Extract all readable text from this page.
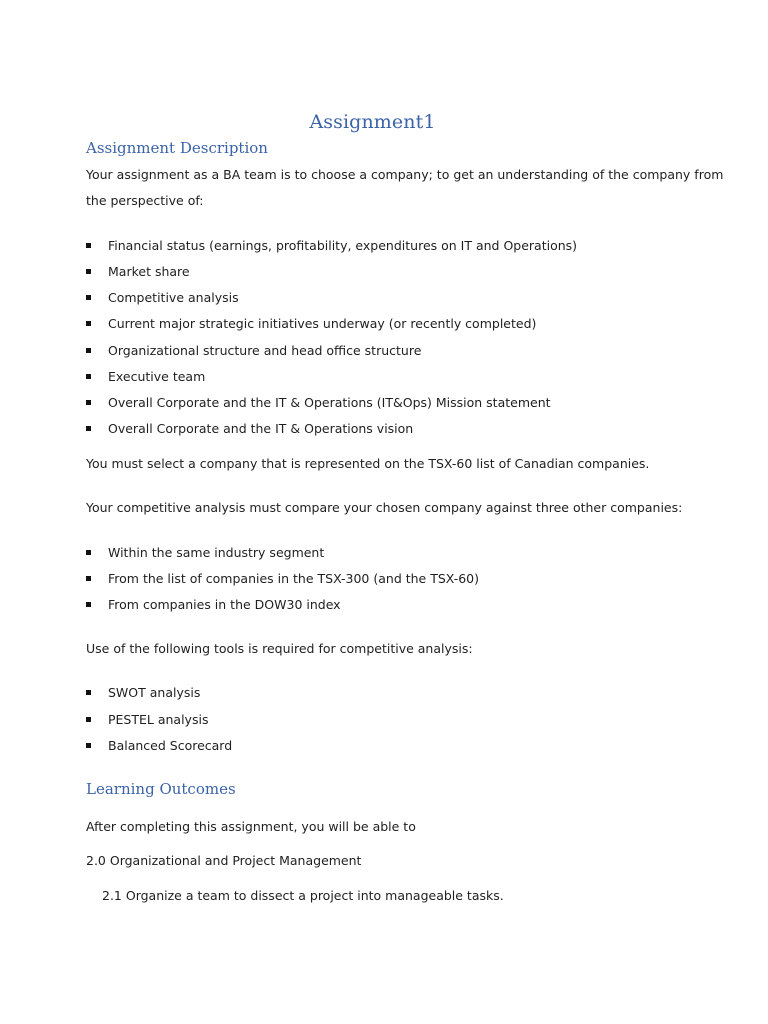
Assignment1
Assignment Description
Your assignment as a BA team is to choose a company; to get an understanding of the company from
the perspective of:
Financial status (earnings, profitability, expenditures on IT and Operations)
Market share
Competitive analysis
Current major strategic initiatives underway (or recently completed)
Organizational structure and head office structure
Executive team
Overall Corporate and the IT & Operations (IT&Ops) Mission statement
Overall Corporate and the IT & Operations vision
You must select a company that is represented on the TSX-60 list of Canadian companies.
Your competitive analysis must compare your chosen company against three other companies:
Within the same industry segment
From the list of companies in the TSX-300 (and the TSX-60)
From companies in the DOW30 index
Use of the following tools is required for competitive analysis:
SWOT analysis
PESTEL analysis
Balanced Scorecard
Learning Outcomes
After completing this assignment, you will be able to
2.0 Organizational and Project Management
2.1 Organize a team to dissect a project into manageable tasks.
